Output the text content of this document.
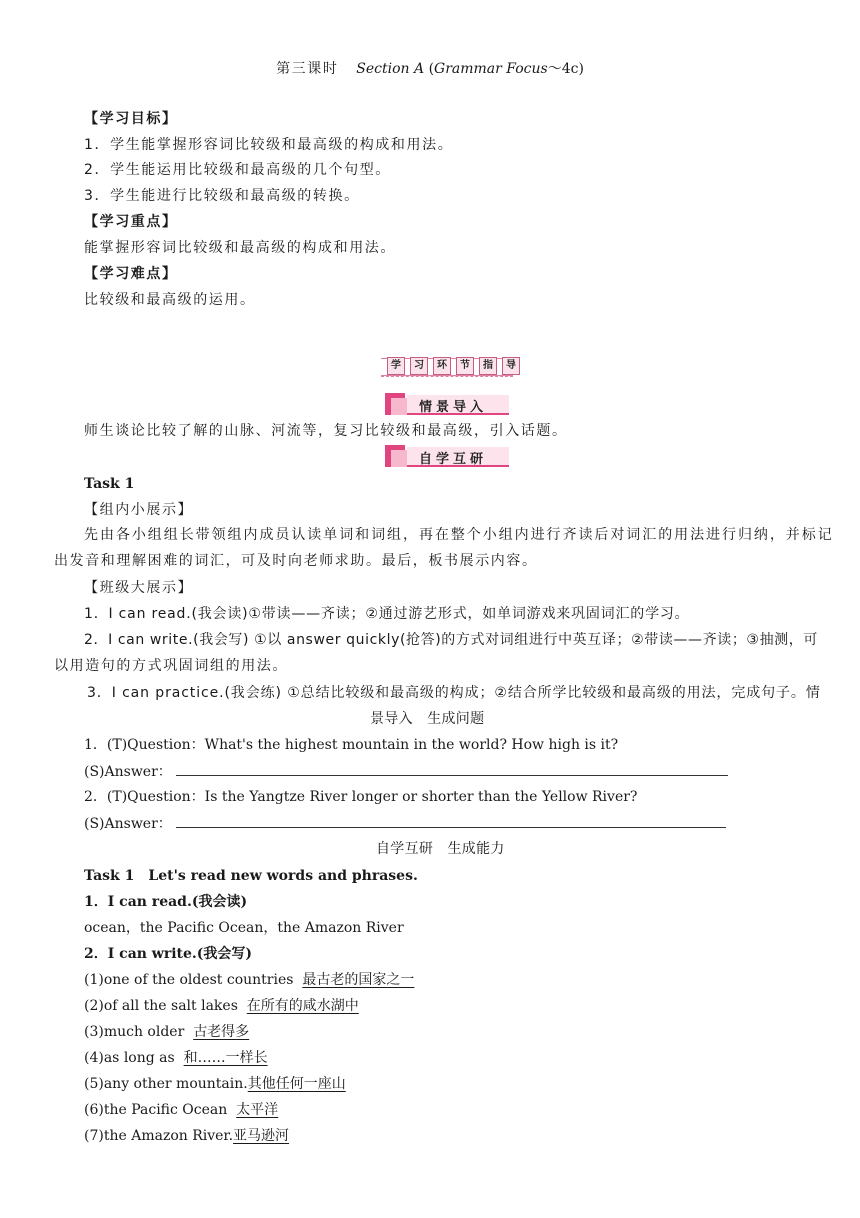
第三课时 Section A (Grammar Focus～4c)
【学习目标】
1．学生能掌握形容词比较级和最高级的构成和用法。
2．学生能运用比较级和最高级的几个句型。
3．学生能进行比较级和最高级的转换。
【学习重点】
能掌握形容词比较级和最高级的构成和用法。
【学习难点】
比较级和最高级的运用。
学	习	环	节	指	导
情景导入
师生谈论比较了解的山脉、河流等，复习比较级和最高级，引入话题。
自学互研
Task 1
【组内小展示】
先由各小组组长带领组内成员认读单词和词组，再在整个小组内进行齐读后对词汇的用法进行归纳，并标记
出发音和理解困难的词汇，可及时向老师求助。最后，板书展示内容。
【班级大展示】
1．I can read.(我会读)①带读——齐读；②通过游艺形式，如单词游戏来巩固词汇的学习。
2．I can write.(我会写) ①以 answer quickly(抢答)的方式对词组进行中英互译；②带读——齐读；③抽测，可
以用造句的方式巩固词组的用法。
3．I can practice.(我会练) ①总结比较级和最高级的构成；②结合所学比较级和最高级的用法，完成句子。情
景导入　生成问题
1．(T)Question：What's the highest mountain in the world? How high is it?
(S)Answer：
2．(T)Question：Is the Yangtze River longer or shorter than the Yellow River?
(S)Answer：
自学互研　生成能力
Task 1　Let's read new words and phrases.
1．I can read.(我会读)
ocean，the Pacific Ocean，the Amazon River
2．I can write.(我会写)
(1)one of the oldest countries 最古老的国家之一
(2)of all the salt lakes 在所有的咸水湖中
(3)much older 古老得多
(4)as long as 和……一样长
(5)any other mountain.其他任何一座山
(6)the Pacific Ocean 太平洋
(7)the Amazon River.亚马逊河
